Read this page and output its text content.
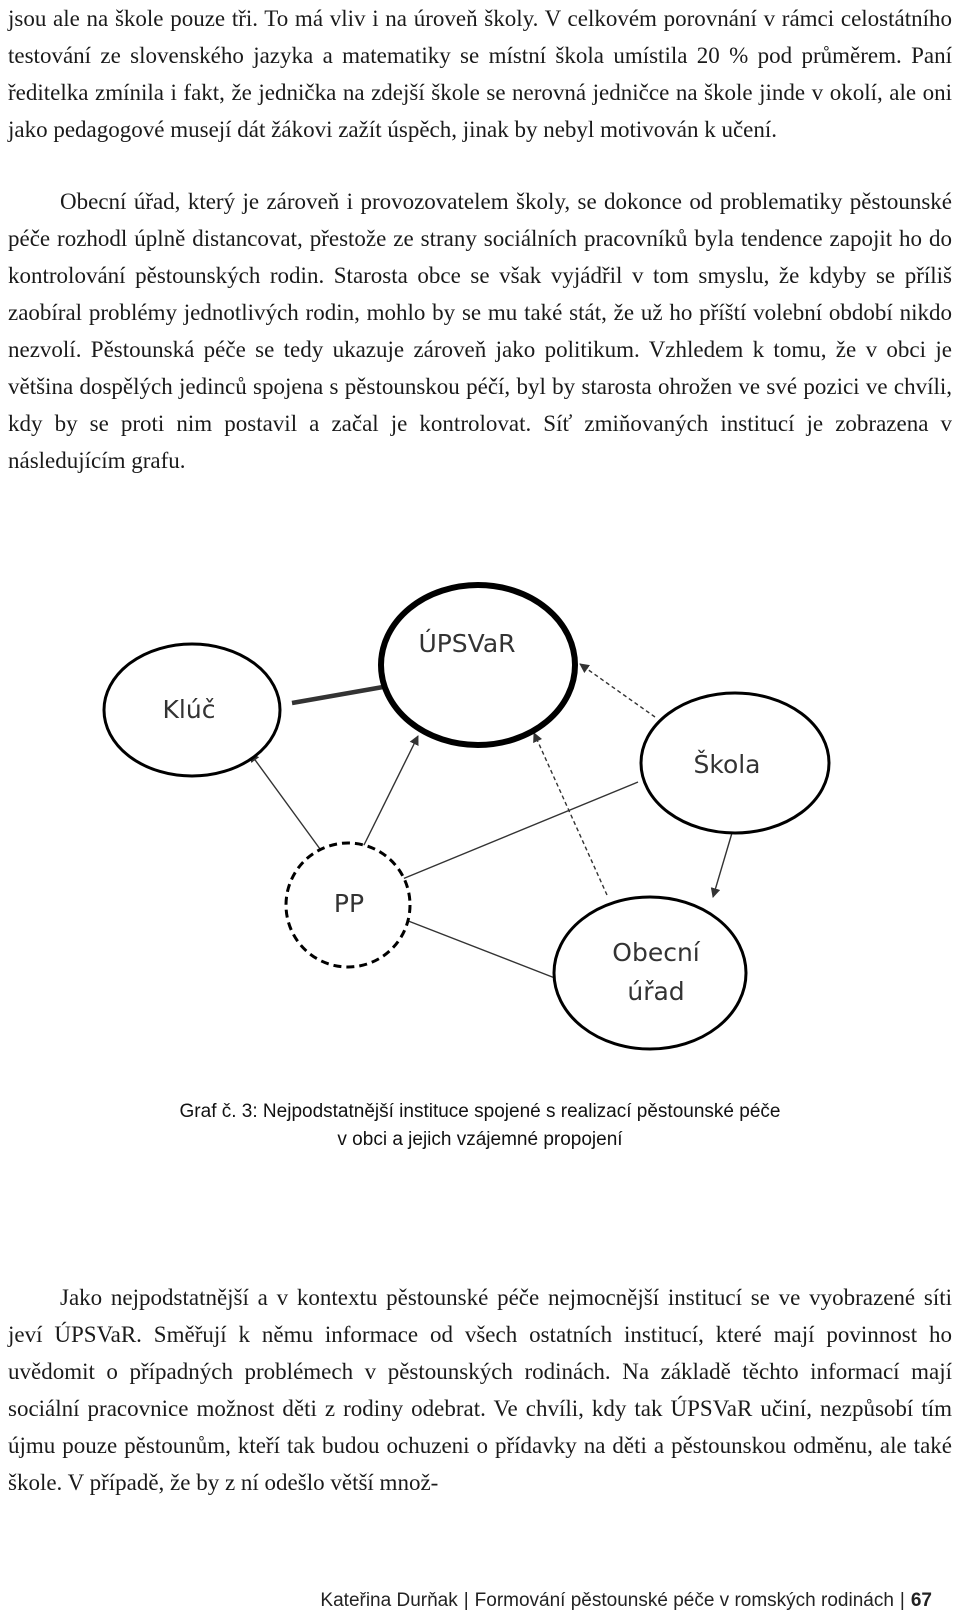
jsou ale na škole pouze tři. To má vliv i na úroveň školy. V celkovém porovnání v rámci celostátního testování ze slovenského jazyka a matematiky se místní škola umístila 20 % pod průměrem. Paní ředitelka zmínila i fakt, že jednička na zdejší škole se nerovná jedničce na škole jinde v okolí, ale oni jako pedagogové musejí dát žákovi zažít úspěch, jinak by nebyl motivován k učení.

Obecní úřad, který je zároveň i provozovatelem školy, se dokonce od problematiky pěstounské péče rozhodl úplně distancovat, přestože ze strany sociálních pracovníků byla tendence zapojit ho do kontrolování pěstounských rodin. Starosta obce se však vyjádřil v tom smyslu, že kdyby se příliš zaobíral problémy jednotlivých rodin, mohlo by se mu také stát, že už ho příští volební období nikdo nezvolí. Pěstounská péče se tedy ukazuje zároveň jako politikum. Vzhledem k tomu, že v obci je většina dospělých jedinců spojena s pěstounskou péčí, byl by starosta ohrožen ve své pozici ve chvíli, kdy by se proti nim postavil a začal je kontrolovat. Síť zmiňovaných institucí je zobrazena v následujícím grafu.

ÚPSVaR
Klúč
Škola
PP
Obecní
úřad

Graf č. 3: Nejpodstatnější instituce spojené s realizací pěstounské péče
v obci a jejich vzájemné propojení

Jako nejpodstatnější a v kontextu pěstounské péče nejmocnější institucí se ve vyobrazené síti jeví ÚPSVaR. Směřují k němu informace od všech ostatních institucí, které mají povinnost ho uvědomit o případných problémech v pěstounských rodinách. Na základě těchto informací mají sociální pracovnice možnost děti z rodiny odebrat. Ve chvíli, kdy tak ÚPSVaR učiní, nezpůsobí tím újmu pouze pěstounům, kteří tak budou ochuzeni o přídavky na děti a pěstounskou odměnu, ale také škole. V případě, že by z ní odešlo větší množ-

Kateřina Durňak | Formování pěstounské péče v romských rodinách | 67
